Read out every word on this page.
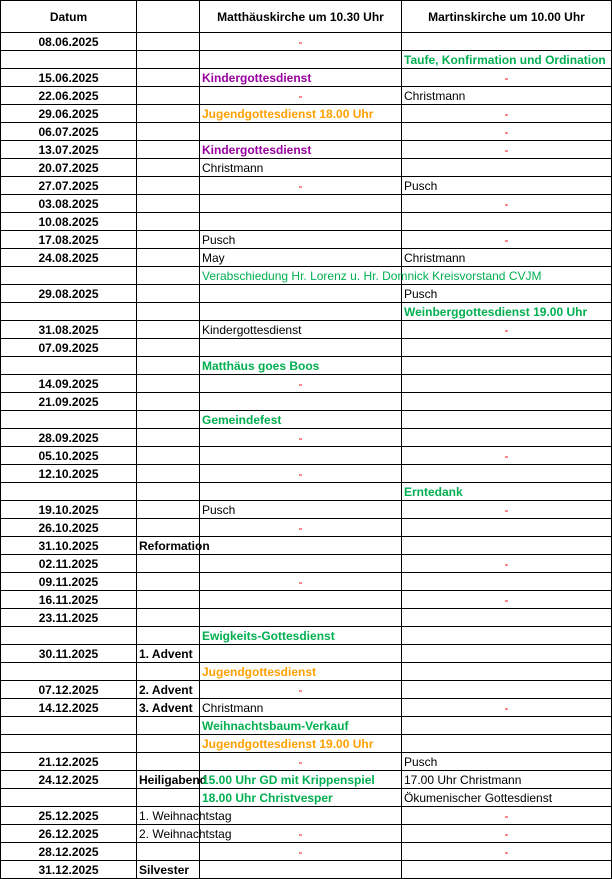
Datum		Matthäuskirche um 10.30 Uhr	Martinskirche um 10.00 Uhr
08.06.2025		-	
			Taufe, Konfirmation und Ordination
15.06.2025		Kindergottesdienst	-
22.06.2025		-	Christmann
29.06.2025		Jugendgottesdienst 18.00 Uhr	-
06.07.2025			-
13.07.2025		Kindergottesdienst	-
20.07.2025		Christmann	
27.07.2025		-	Pusch
03.08.2025			-
10.08.2025			
17.08.2025		Pusch	-
24.08.2025		May	Christmann
		Verabschiedung Hr. Lorenz u. Hr. Domnick Kreisvorstand CVJM	
29.08.2025			Pusch
			Weinberggottesdienst 19.00 Uhr
31.08.2025		Kindergottesdienst	-
07.09.2025			
		Matthäus goes Boos	
14.09.2025		-	
21.09.2025			
		Gemeindefest	
28.09.2025		-	
05.10.2025			-
12.10.2025		-	
			Erntedank
19.10.2025		Pusch	-
26.10.2025		-	
31.10.2025	Reformation		
02.11.2025			-
09.11.2025		-	
16.11.2025			-
23.11.2025			
		Ewigkeits-Gottesdienst	
30.11.2025	1. Advent		
		Jugendgottesdienst	
07.12.2025	2. Advent	-	
14.12.2025	3. Advent	Christmann	-
		Weihnachtsbaum-Verkauf	
		Jugendgottesdienst 19.00 Uhr	
21.12.2025		-	Pusch
24.12.2025	Heiligabend	15.00 Uhr GD mit Krippenspiel	17.00 Uhr Christmann
		18.00 Uhr Christvesper	Ökumenischer Gottesdienst
25.12.2025	1. Weihnachtstag		-
26.12.2025	2. Weihnachtstag	-	-
28.12.2025		-	-
31.12.2025	Silvester		
